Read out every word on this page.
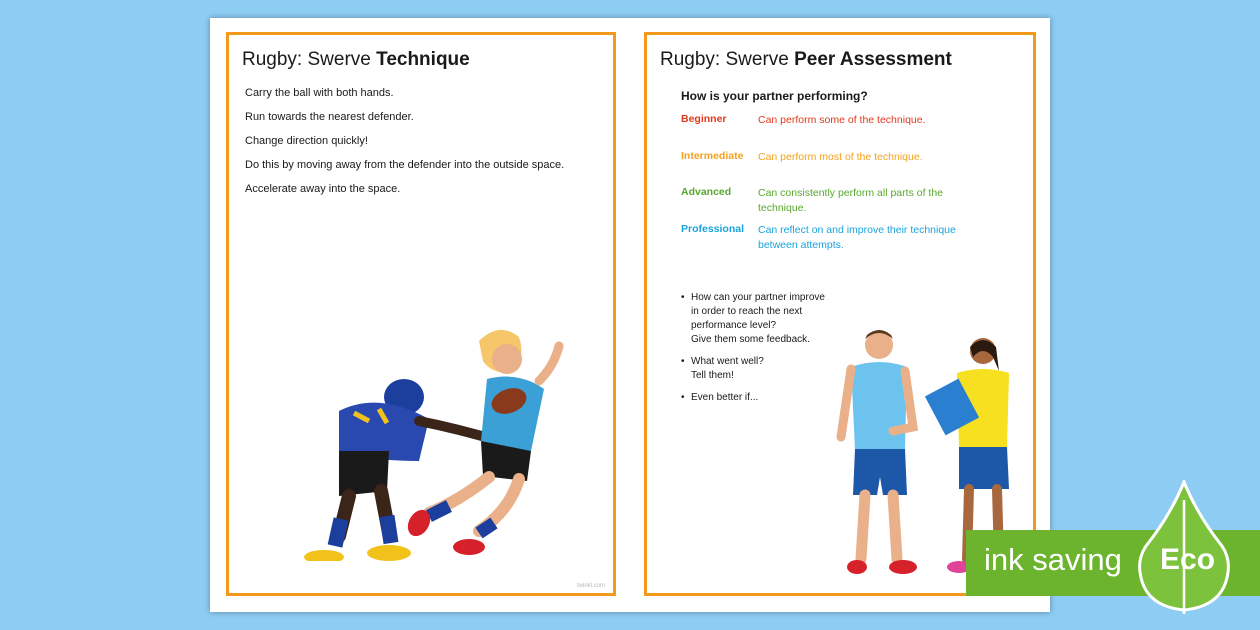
Rugby: Swerve Technique
Carry the ball with both hands.
Run towards the nearest defender.
Change direction quickly!
Do this by moving away from the defender into the outside space.
Accelerate away into the space.
twinkl.com
Rugby: Swerve Peer Assessment
How is your partner performing?
Beginner	Can perform some of the technique.
Intermediate	Can perform most of the technique.
Advanced	Can consistently perform all parts of the technique.
Professional	Can reflect on and improve their technique between attempts.
• How can your partner improve
in order to reach the next
performance level?
Give them some feedback.
• What went well?
Tell them!
• Even better if...
ink saving Eco
